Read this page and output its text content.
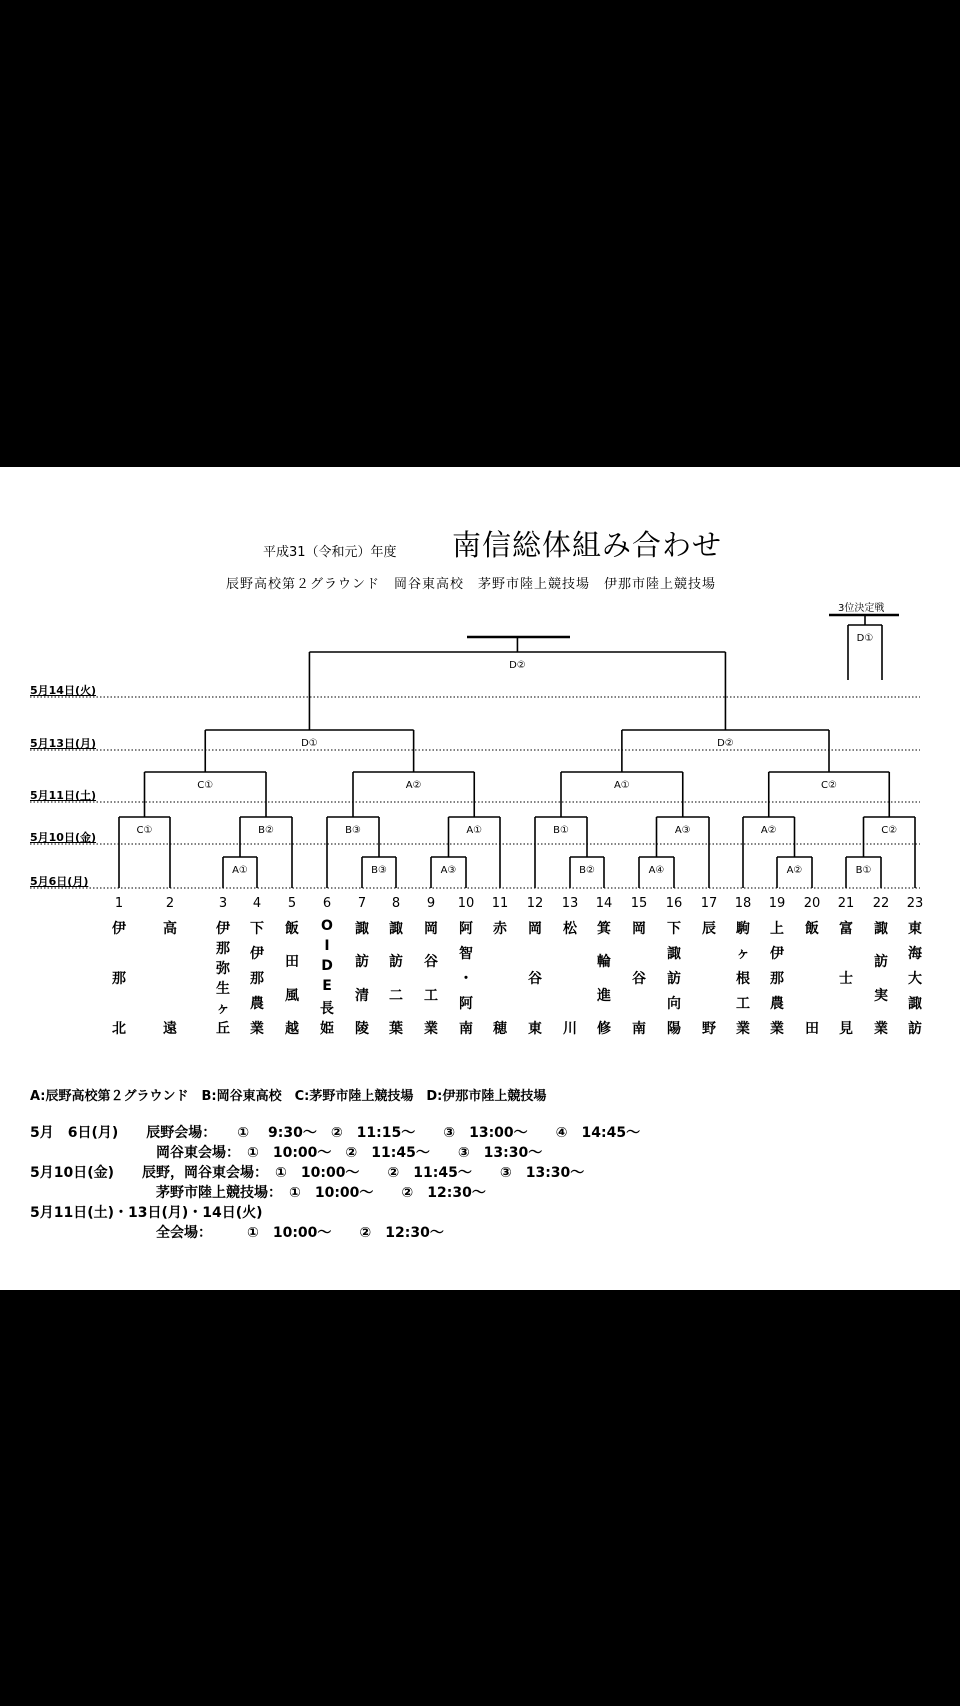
平成31（令和元）年度 南信総体組み合わせ
辰野高校第２グラウンド　岡谷東高校　茅野市陸上競技場　伊那市陸上競技場
5月14日(火)
5月13日(月)
5月11日(土)
5月10日(金)
5月6日(月)
1
伊
那
北
2
高
遠
3
伊
那
弥
生
ヶ
丘
4
下
伊
那
農
業
5
飯
田
風
越
6
O
I
D
E
長
姫
7
諏
訪
清
陵
8
諏
訪
二
葉
9
岡
谷
工
業
10
阿
智
・
阿
南
11
赤
穂
12
岡
谷
東
13
松
川
14
箕
輪
進
修
15
岡
谷
南
16
下
諏
訪
向
陽
17
辰
野
18
駒
ヶ
根
工
業
19
上
伊
那
農
業
20
飯
田
21
富
士
見
22
諏
訪
実
業
23
東
海
大
諏
訪
A:辰野高校第２グラウンド　B:岡谷東高校　C:茅野市陸上競技場　D:伊那市陸上競技場
5月　6日(月)　　辰野会場：　　①　 9:30～　②　11:15～　　③　13:00～　　④　14:45～
　　　　　　　　　岡谷東会場：　①　10:00～　②　11:45～　　③　13:30～
5月10日(金)　　辰野，岡谷東会場：　①　10:00～　　②　11:45～　　③　13:30～
　　　　　　　　　茅野市陸上競技場：　①　10:00～　　②　12:30～
5月11日(土)・13日(月)・14日(火)
　　　　　　　　　全会場：　　　①　10:00～　　②　12:30～
A①	B③	A③	B②	A④	A②	B①
C①	B②	B③	A①	B①	A③	A②	C②
C①	A②	A①	C②
D①	D②
D②
D①
3位決定戦
